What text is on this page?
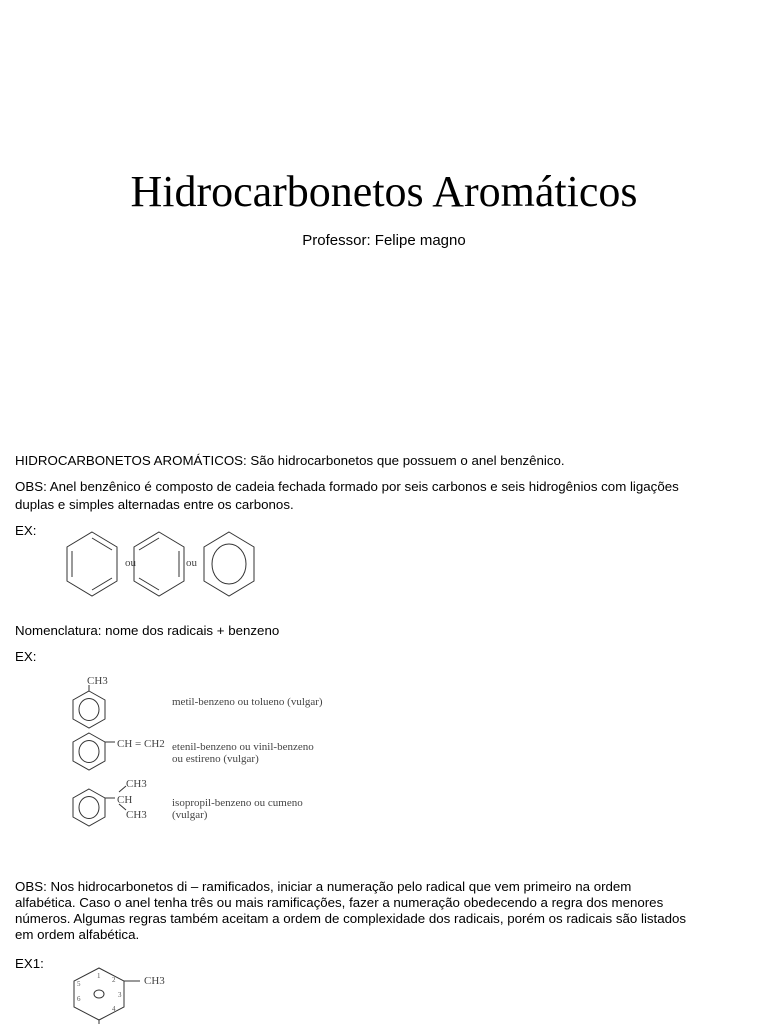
Hidrocarbonetos Aromáticos
Professor: Felipe magno
HIDROCARBONETOS AROMÁTICOS: São hidrocarbonetos que possuem o anel benzênico.
OBS: Anel benzênico é composto de cadeia fechada formado por seis carbonos e seis hidrogênios com ligações
duplas e simples alternadas entre os carbonos.
EX:
ou	ou
Nomenclatura: nome dos radicais + benzeno
EX:
CH3
metil-benzeno ou tolueno (vulgar)
CH = CH2 etenil-benzeno ou vinil-benzeno
ou estireno (vulgar)
CH3
CH
CH3
isopropil-benzeno ou cumeno
(vulgar)
OBS: Nos hidrocarbonetos di – ramificados, iniciar a numeração pelo radical que vem primeiro na ordem
alfabética. Caso o anel tenha três ou mais ramificações, fazer a numeração obedecendo a regra dos menores
números. Algumas regras também aceitam a ordem de complexidade dos radicais, porém os radicais são listados
em ordem alfabética.
EX1:
CH3
2
3
4
5
6
1
